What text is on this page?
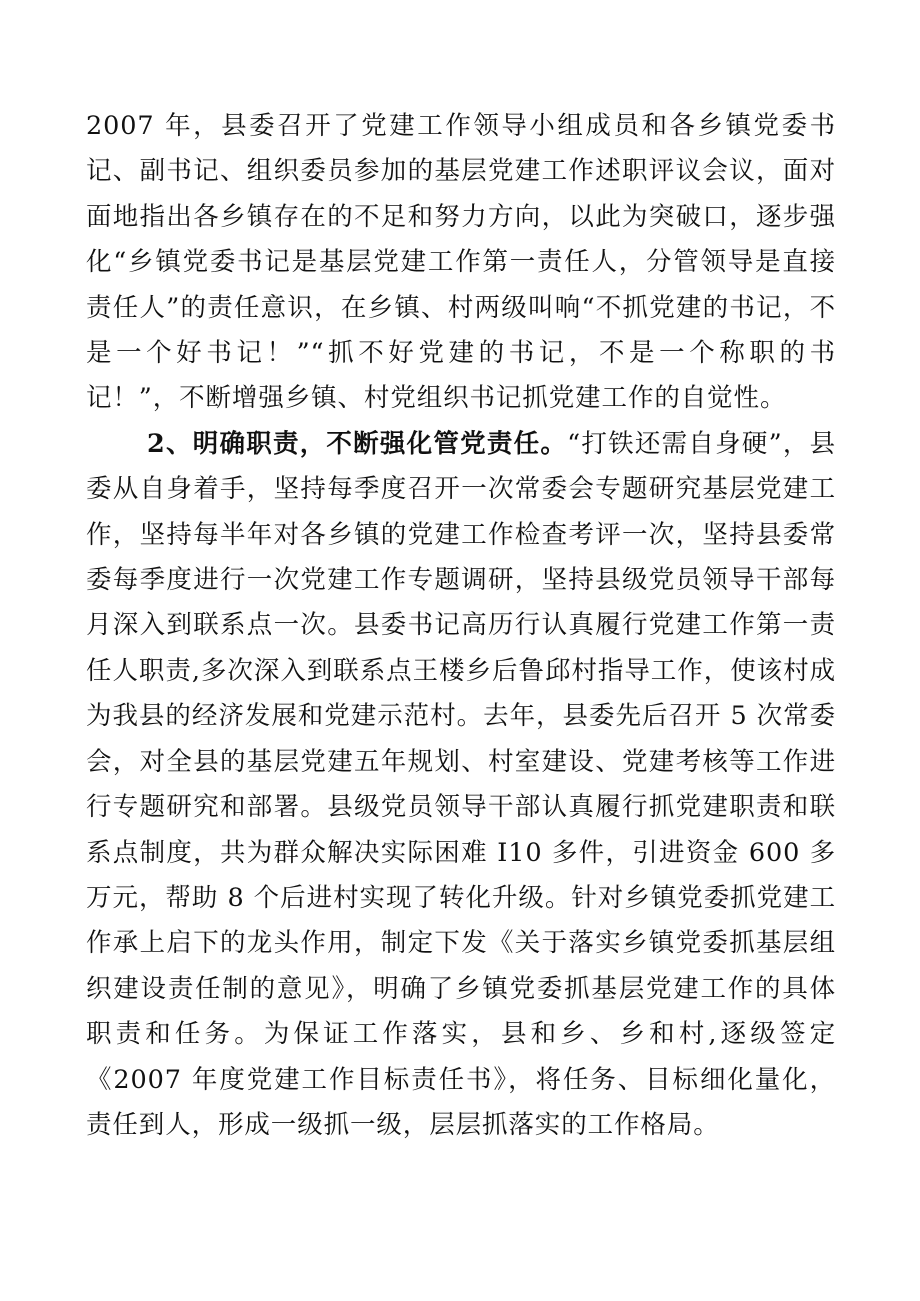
2007 年，县委召开了党建工作领导小组成员和各乡镇党委书记、副书记、组织委员参加的基层党建工作述职评议会议，面对面地指出各乡镇存在的不足和努力方向，以此为突破口，逐步强化“乡镇党委书记是基层党建工作第一责任人，分管领导是直接责任人”的责任意识，在乡镇、村两级叫响“不抓党建的书记，不是一个好书记！”“抓不好党建的书记，不是一个称职的书记！”，不断增强乡镇、村党组织书记抓党建工作的自觉性。

2、明确职责，不断强化管党责任。“打铁还需自身硬”，县委从自身着手，坚持每季度召开一次常委会专题研究基层党建工作，坚持每半年对各乡镇的党建工作检查考评一次，坚持县委常委每季度进行一次党建工作专题调研，坚持县级党员领导干部每月深入到联系点一次。县委书记高历行认真履行党建工作第一责任人职责,多次深入到联系点王楼乡后鲁邱村指导工作，使该村成为我县的经济发展和党建示范村。去年，县委先后召开 5 次常委会，对全县的基层党建五年规划、村室建设、党建考核等工作进行专题研究和部署。县级党员领导干部认真履行抓党建职责和联系点制度，共为群众解决实际困难 I10 多件，引进资金 600 多万元，帮助 8 个后进村实现了转化升级。针对乡镇党委抓党建工作承上启下的龙头作用，制定下发《关于落实乡镇党委抓基层组织建设责任制的意见》，明确了乡镇党委抓基层党建工作的具体职责和任务。为保证工作落实，县和乡、乡和村,逐级签定《2007 年度党建工作目标责任书》，将任务、目标细化量化，责任到人，形成一级抓一级，层层抓落实的工作格局。
